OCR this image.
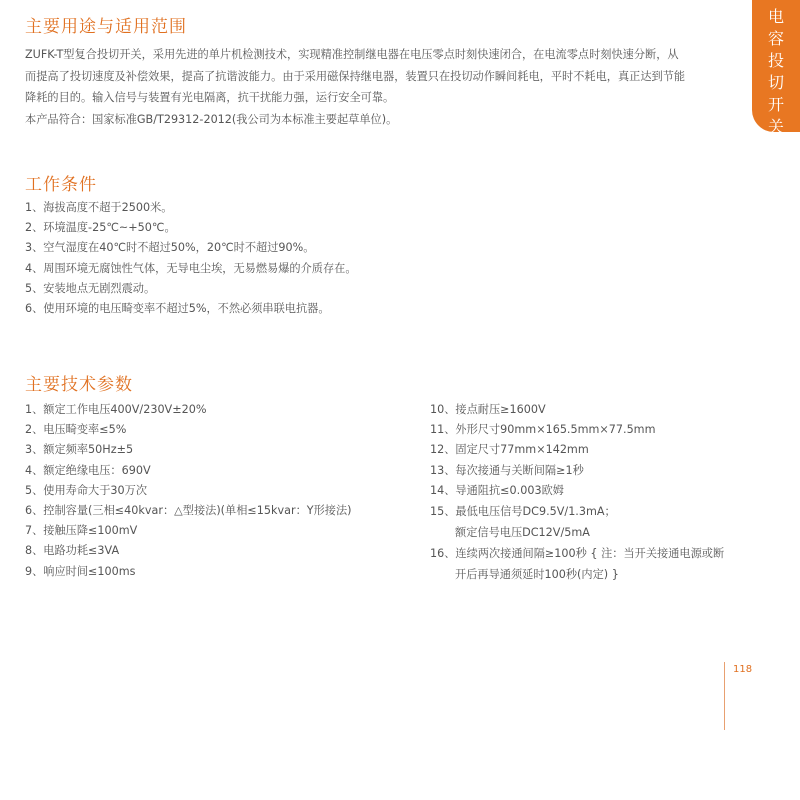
电容投切开关
主要用途与适用范围
ZUFK-T型复合投切开关，采用先进的单片机检测技术，实现精准控制继电器在电压零点时刻快速闭合，在电流零点时刻快速分断，从
而提高了投切速度及补偿效果，提高了抗谐波能力。由于采用磁保持继电器，装置只在投切动作瞬间耗电，平时不耗电，真正达到节能
降耗的目的。输入信号与装置有光电隔离，抗干扰能力强，运行安全可靠。
本产品符合：国家标准GB/T29312-2012(我公司为本标准主要起草单位)。
工作条件
1、海拔高度不超于2500米。
2、环境温度-25℃~+50℃。
3、空气湿度在40℃时不超过50%，20℃时不超过90%。
4、周围环境无腐蚀性气体，无导电尘埃，无易燃易爆的介质存在。
5、安装地点无剧烈震动。
6、使用环境的电压畸变率不超过5%，不然必须串联电抗器。
主要技术参数
1、额定工作电压400V/230V±20%
2、电压畸变率≤5%
3、额定频率50Hz±5
4、额定绝缘电压：690V
5、使用寿命大于30万次
6、控制容量(三相≤40kvar：△型接法)(单相≤15kvar：Y形接法)
7、接触压降≤100mV
8、电路功耗≤3VA
9、响应时间≤100ms
10、接点耐压≥1600V
11、外形尺寸90mm×165.5mm×77.5mm
12、固定尺寸77mm×142mm
13、每次接通与关断间隔≥1秒
14、导通阻抗≤0.003欧姆
15、最低电压信号DC9.5V/1.3mA；
额定信号电压DC12V/5mA
16、连续两次接通间隔≥100秒 { 注：当开关接通电源或断
开后再导通须延时100秒(内定) }
118
